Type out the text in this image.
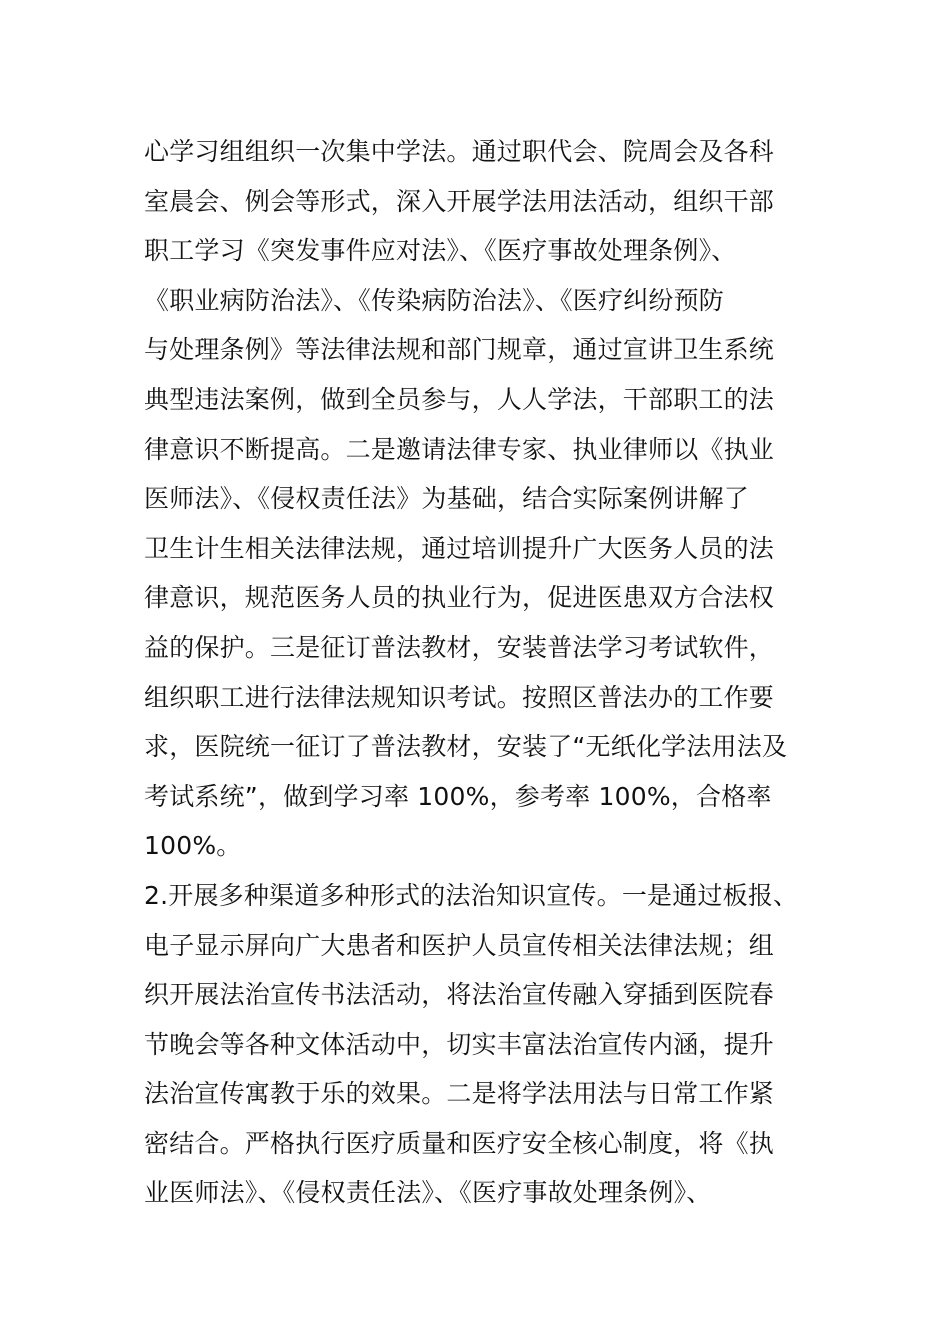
心学习组组织一次集中学法。通过职代会、院周会及各科
室晨会、例会等形式，深入开展学法用法活动，组织干部
职工学习《突发事件应对法》、《医疗事故处理条例》、
《职业病防治法》、《传染病防治法》、《医疗纠纷预防
与处理条例》等法律法规和部门规章，通过宣讲卫生系统
典型违法案例，做到全员参与，人人学法，干部职工的法
律意识不断提高。二是邀请法律专家、执业律师以《执业
医师法》、《侵权责任法》为基础，结合实际案例讲解了
卫生计生相关法律法规，通过培训提升广大医务人员的法
律意识，规范医务人员的执业行为，促进医患双方合法权
益的保护。三是征订普法教材，安装普法学习考试软件，
组织职工进行法律法规知识考试。按照区普法办的工作要
求，医院统一征订了普法教材，安装了“无纸化学法用法及
考试系统”，做到学习率 100%，参考率 100%，合格率
100%。
2.开展多种渠道多种形式的法治知识宣传。一是通过板报、
电子显示屏向广大患者和医护人员宣传相关法律法规；组
织开展法治宣传书法活动，将法治宣传融入穿插到医院春
节晚会等各种文体活动中，切实丰富法治宣传内涵，提升
法治宣传寓教于乐的效果。二是将学法用法与日常工作紧
密结合。严格执行医疗质量和医疗安全核心制度，将《执
业医师法》、《侵权责任法》、《医疗事故处理条例》、
